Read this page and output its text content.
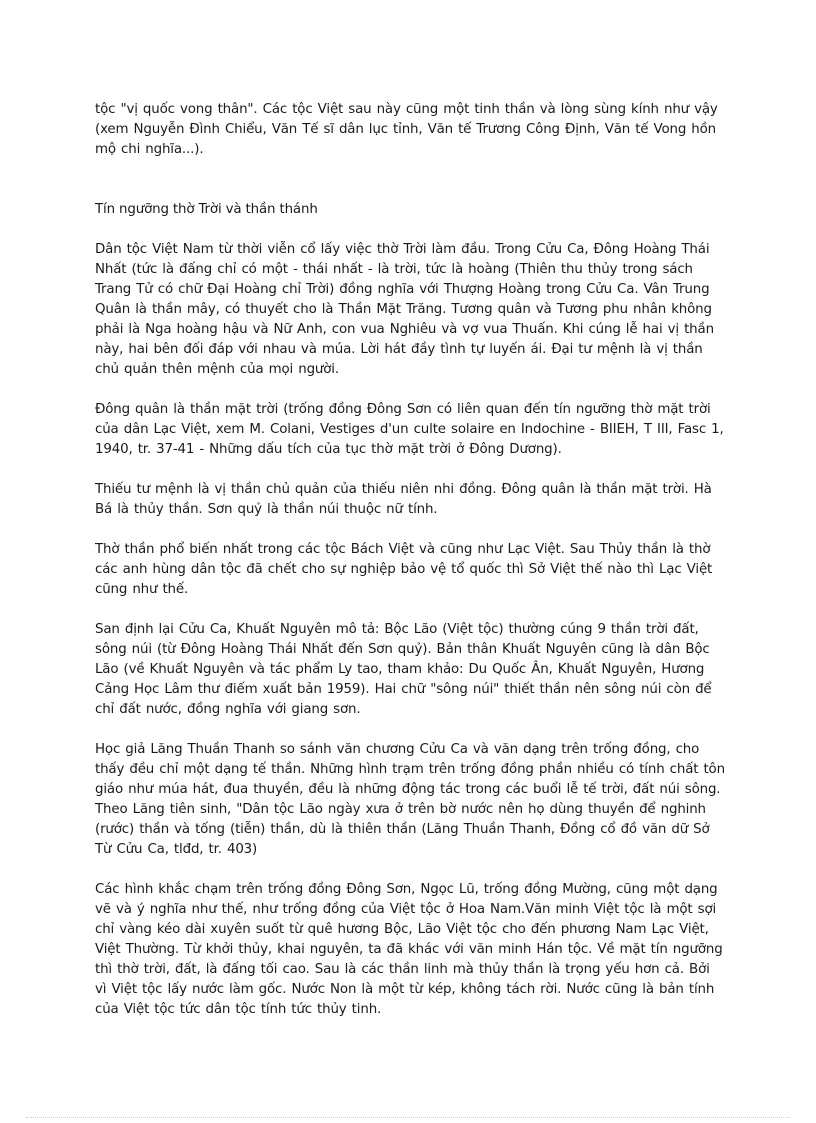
tộc "vị quốc vong thân". Các tộc Việt sau này cũng một tinh thần và lòng sùng kính như vậy (xem Nguyễn Đình Chiểu, Văn Tế sĩ dân lục tỉnh, Văn tế Trương Công Định, Văn tế Vong hồn mộ chi nghĩa...).

Tín ngưỡng thờ Trời và thần thánh

Dân tộc Việt Nam từ thời viễn cổ lấy việc thờ Trời làm đầu. Trong Cửu Ca, Đông Hoàng Thái Nhất (tức là đấng chỉ có một - thái nhất - là trời, tức là hoàng (Thiên thu thủy trong sách Trang Tử có chữ Đại Hoàng chỉ Trời) đồng nghĩa với Thượng Hoàng trong Cửu Ca. Vân Trung Quân là thần mây, có thuyết cho là Thần Mặt Trăng. Tương quân và Tương phu nhân không phải là Nga hoàng hậu và Nữ Anh, con vua Nghiêu và vợ vua Thuấn. Khi cúng lễ hai vị thần này, hai bên đối đáp với nhau và múa. Lời hát đầy tình tự luyến ái. Đại tư mệnh là vị thần chủ quản thên mệnh của mọi người.

Đông quân là thần mặt trời (trống đồng Đông Sơn có liên quan đến tín ngưỡng thờ mặt trời của dân Lạc Việt, xem M. Colani, Vestiges d'un culte solaire en Indochine - BIIEH, T III, Fasc 1, 1940, tr. 37-41 - Những dấu tích của tục thờ mặt trời ở Đông Dương).

Thiếu tư mệnh là vị thần chủ quản của thiếu niên nhi đồng. Đông quân là thần mặt trời. Hà Bá là thủy thần. Sơn quỷ là thần núi thuộc nữ tính.

Thờ thần phổ biến nhất trong các tộc Bách Việt và cũng như Lạc Việt. Sau Thủy thần là thờ các anh hùng dân tộc đã chết cho sự nghiệp bảo vệ tổ quốc thì Sở Việt thế nào thì Lạc Việt cũng như thế.

San định lại Cửu Ca, Khuất Nguyên mô tả: Bộc Lão (Việt tộc) thường cúng 9 thần trời đất, sông núi (từ Đông Hoàng Thái Nhất đến Sơn quỷ). Bản thân Khuất Nguyên cũng là dân Bộc Lão (về Khuất Nguyên và tác phẩm Ly tao, tham khảo: Du Quốc Ân, Khuất Nguyên, Hương Cảng Học Lâm thư điếm xuất bản 1959). Hai chữ "sông núi" thiết thần nên sông núi còn để chỉ đất nước, đồng nghĩa với giang sơn.

Học giả Lăng Thuần Thanh so sánh văn chương Cửu Ca và văn dạng trên trống đồng, cho thấy đều chỉ một dạng tế thần. Những hình trạm trên trống đồng phần nhiều có tính chất tôn giáo như múa hát, đua thuyền, đều là những động tác trong các buổi lễ tế trời, đất núi sông. Theo Lăng tiên sinh, "Dân tộc Lão ngày xưa ở trên bờ nước nên họ dùng thuyền để nghinh (rước) thần và tống (tiễn) thần, dù là thiên thần (Lăng Thuần Thanh, Đồng cổ đồ văn dữ Sở Từ Cửu Ca, tlđd, tr. 403)

Các hình khắc chạm trên trống đồng Đông Sơn, Ngọc Lũ, trống đồng Mường, cũng một dạng vẽ và ý nghĩa như thế, như trống đồng của Việt tộc ở Hoa Nam.Văn minh Việt tộc là một sợi chỉ vàng kéo dài xuyên suốt từ quê hương Bộc, Lão Việt tộc cho đến phương Nam Lạc Việt, Việt Thường. Từ khởi thủy, khai nguyên, ta đã khác với văn minh Hán tộc. Về mặt tín ngưỡng thì thờ trời, đất, là đấng tối cao. Sau là các thần linh mà thủy thần là trọng yếu hơn cả. Bởi vì Việt tộc lấy nước làm gốc. Nước Non là một từ kép, không tách rời. Nước cũng là bản tính của Việt tộc tức dân tộc tính tức thủy tinh.
